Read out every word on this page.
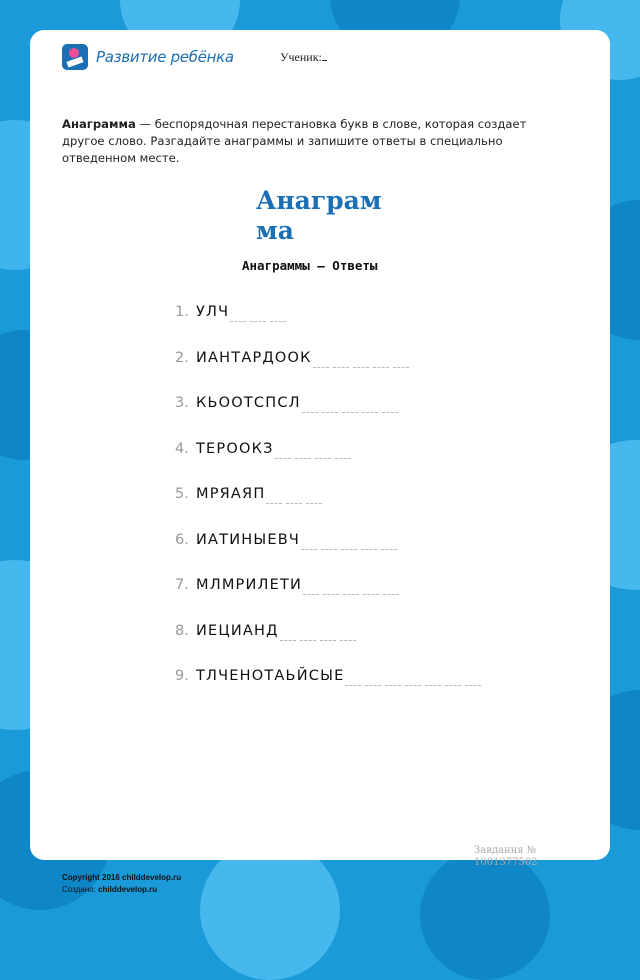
Развитие ребёнка	Ученик:
Анаграмма — беспорядочная перестановка букв в слове, которая создает другое слово. Разгадайте анаграммы и запишите ответы в специально отведенном месте.
Анаграмма
Анаграммы — Ответы
1. УЛЧ
2. ИАНТАРДООК
3. КЬООТСПСЛ
4. ТЕРООКЗ
5. МРЯАЯП
6. ИАТИНЫЕВЧ
7. МЛМРИЛЕТИ
8. ИЕЦИАНД
9. ТЛЧЕНОТАЬЙСЫЕ
Завдання № 1001377502
Copyright 2016 childdevelop.ru
Создано: childdevelop.ru
